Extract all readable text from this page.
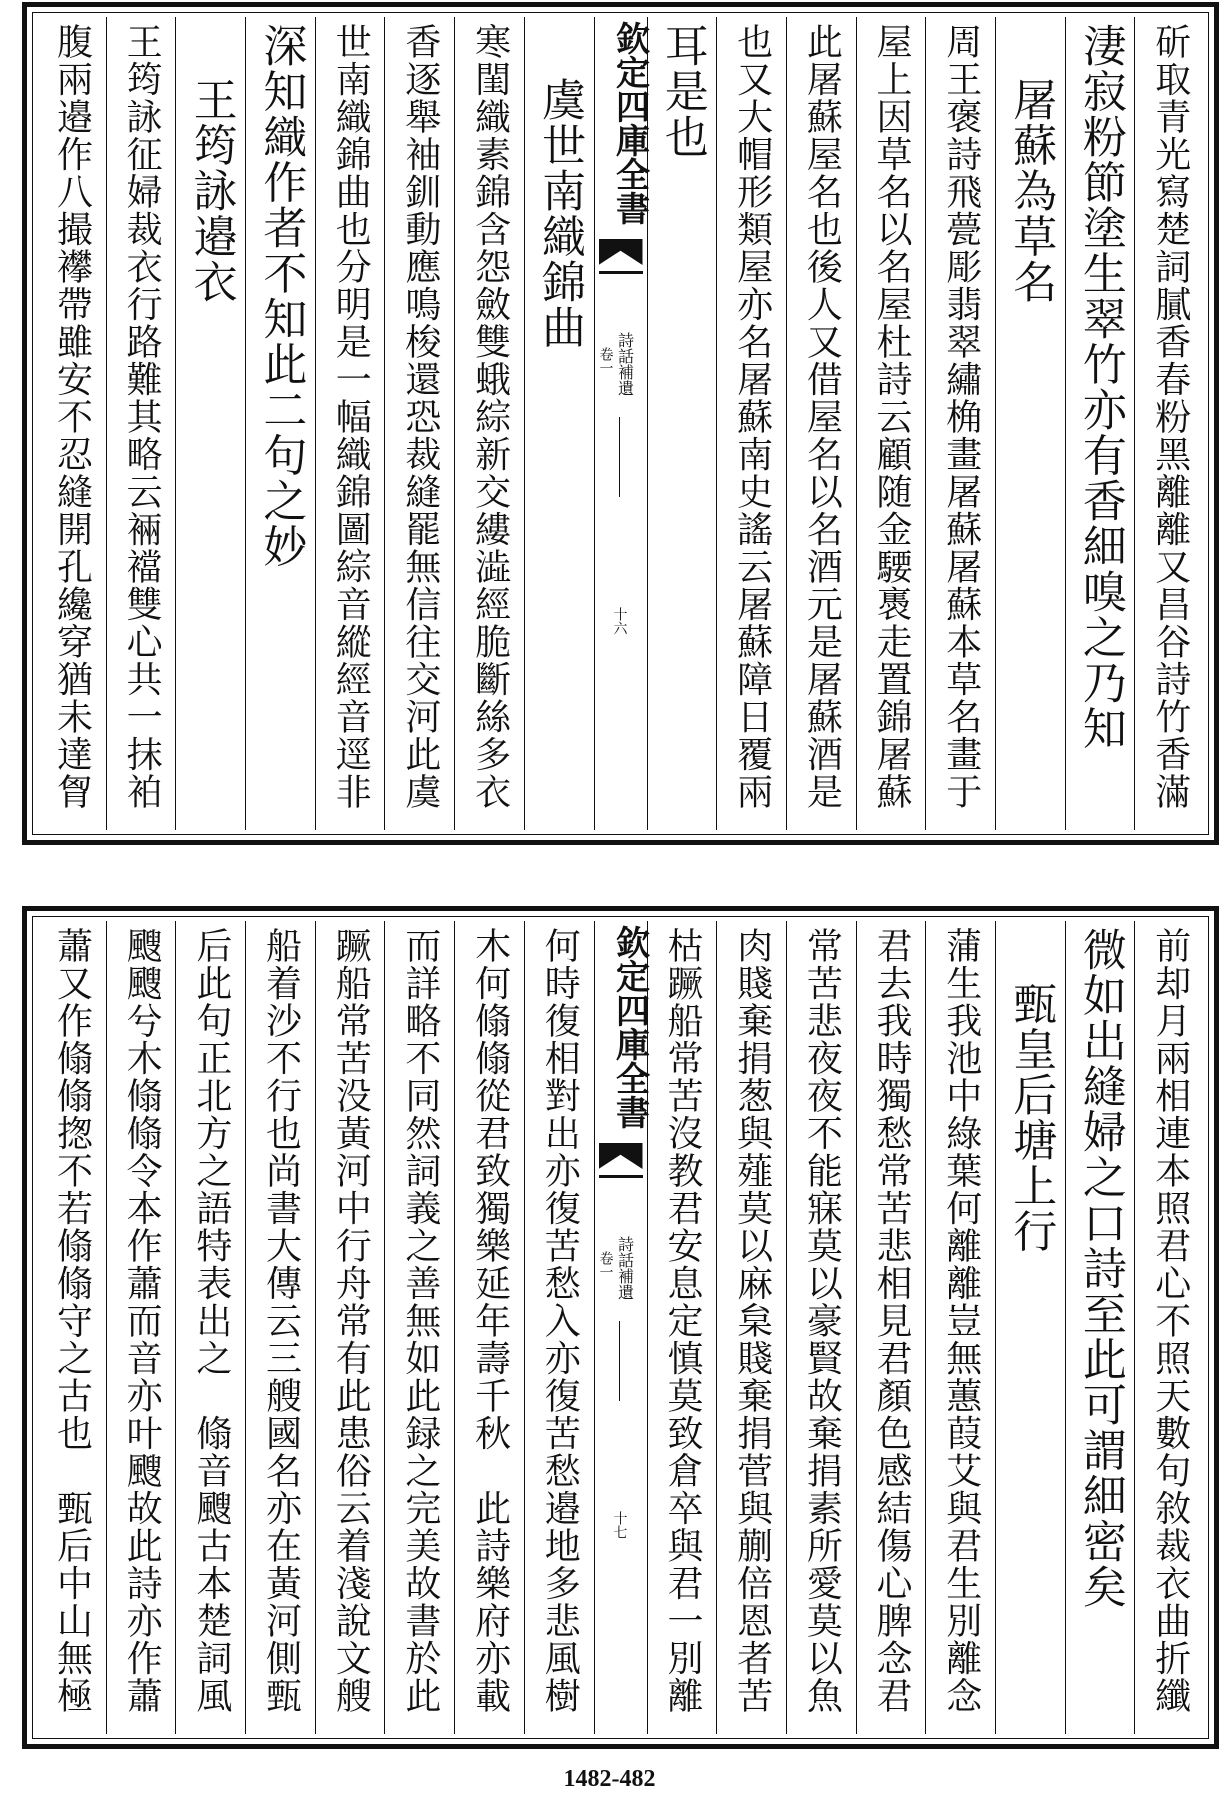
斫取青光寫楚詞膩香春粉黑離離又昌谷詩竹香滿
淒寂粉節塗生翠竹亦有香細嗅之乃知
屠蘇為草名
周王褒詩飛甍彫翡翠繡桷畫屠蘇屠蘇本草名畫于
屋上因草名以名屋杜詩云顧随金騕褭走置錦屠蘇
此屠蘇屋名也後人又借屋名以名酒元是屠蘇酒是
也又大帽形類屋亦名屠蘇南史謠云屠蘇障日覆兩
耳是也
欽定四庫全書
詩話補遺
卷一
十六
虞世南織錦曲
寒閨織素錦含怨斂雙蛾綜新交縷澁經脆斷絲多衣
香逐舉袖釧動應鳴梭還恐裁縫罷無信往交河此虞
世南織錦曲也分明是一幅織錦圖綜音縱經音逕非
深知織作者不知此二句之妙
王筠詠邉衣
王筠詠征婦裁衣行路難其略云裲襠雙心共一抹袙
腹兩邉作八撮襻帶雖安不忍縫開孔纔穿猶未達胷
前却月兩相連本照君心不照天數句敘裁衣曲折纖
微如出縫婦之口詩至此可謂細密矣
甄皇后塘上行
蒲生我池中綠葉何離離豈無蕙葭艾與君生別離念
君去我時獨愁常苦悲相見君顏色感結傷心脾念君
常苦悲夜夜不能寐莫以豪賢故棄捐素所愛莫以魚
肉賤棄捐葱與薤莫以麻枲賤棄捐菅與蒯倍恩者苦
枯蹶船常苦沒教君安息定慎莫致倉卒與君一別離
欽定四庫全書
詩話補遺
卷一
十七
何時復相對出亦復苦愁入亦復苦愁邉地多悲風樹
木何翛翛從君致獨樂延年壽千秋　此詩樂府亦載
而詳略不同然詞義之善無如此録之完美故書於此
蹶船常苦没黃河中行舟常有此患俗云着淺說文艘
船着沙不行也尚書大傳云三艘國名亦在黃河側甄
后此句正北方之語特表出之　翛音颼古本楚詞風
颼颼兮木翛翛令本作蕭而音亦叶颼故此詩亦作蕭
蕭又作翛翛揔不若翛翛守之古也　甄后中山無極
1482-482
